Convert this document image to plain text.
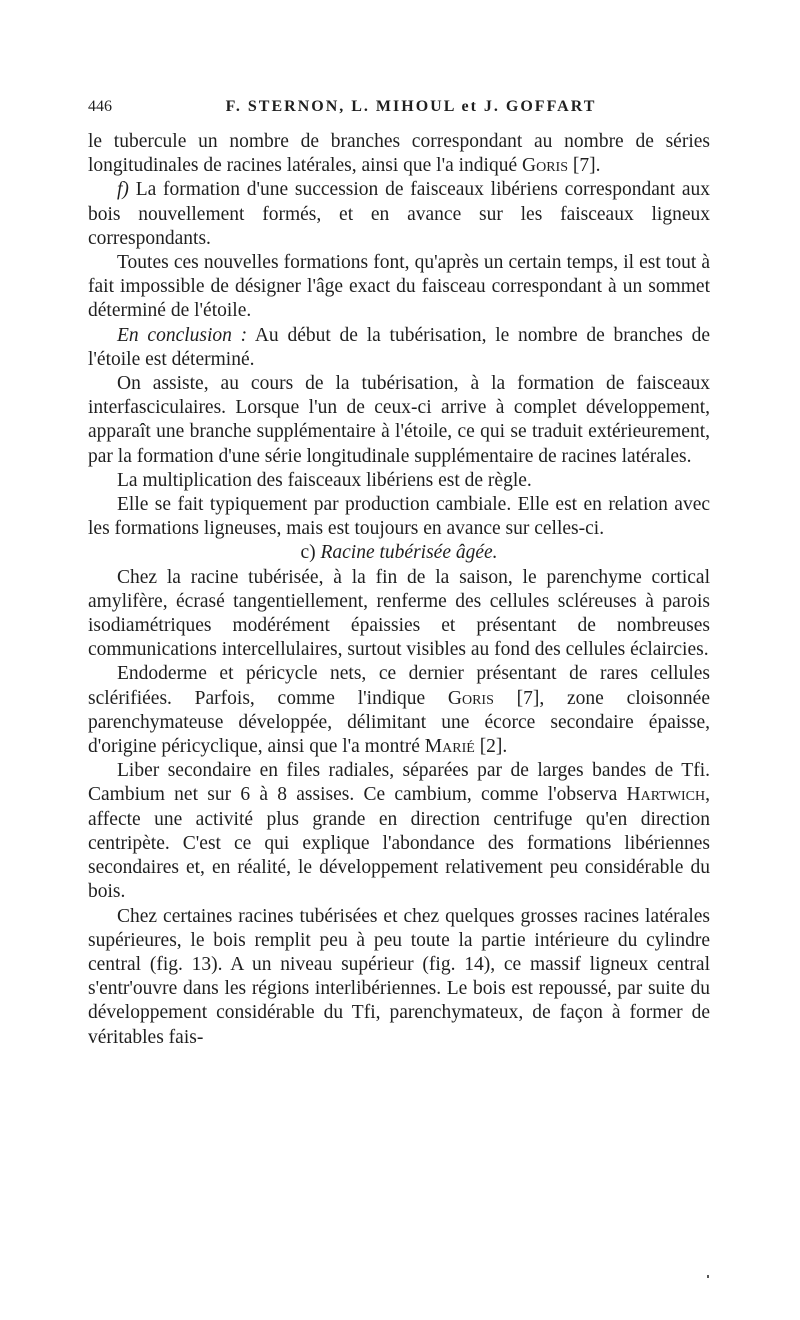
446	F. STERNON, L. MIHOUL et J. GOFFART

le tubercule un nombre de branches correspondant au nombre de séries longitudinales de racines latérales, ainsi que l'a indiqué Goris [7].

f) La formation d'une succession de faisceaux libériens correspondant aux bois nouvellement formés, et en avance sur les faisceaux ligneux correspondants.

Toutes ces nouvelles formations font, qu'après un certain temps, il est tout à fait impossible de désigner l'âge exact du faisceau correspondant à un sommet déterminé de l'étoile.

En conclusion : Au début de la tubérisation, le nombre de branches de l'étoile est déterminé.

On assiste, au cours de la tubérisation, à la formation de faisceaux interfasciculaires. Lorsque l'un de ceux-ci arrive à complet développement, apparaît une branche supplémentaire à l'étoile, ce qui se traduit extérieurement, par la formation d'une série longitudinale supplémentaire de racines latérales.

La multiplication des faisceaux libériens est de règle.

Elle se fait typiquement par production cambiale. Elle est en relation avec les formations ligneuses, mais est toujours en avance sur celles-ci.

c) Racine tubérisée âgée.

Chez la racine tubérisée, à la fin de la saison, le parenchyme cortical amylifère, écrasé tangentiellement, renferme des cellules scléreuses à parois isodiamétriques modérément épaissies et présentant de nombreuses communications intercellulaires, surtout visibles au fond des cellules éclaircies.

Endoderme et péricycle nets, ce dernier présentant de rares cellules sclérifiées. Parfois, comme l'indique Goris [7], zone cloisonnée parenchymateuse développée, délimitant une écorce secondaire épaisse, d'origine péricyclique, ainsi que l'a montré Marié [2].

Liber secondaire en files radiales, séparées par de larges bandes de Tfi. Cambium net sur 6 à 8 assises. Ce cambium, comme l'observa Hartwich, affecte une activité plus grande en direction centrifuge qu'en direction centripète. C'est ce qui explique l'abondance des formations libériennes secondaires et, en réalité, le développement relativement peu considérable du bois.

Chez certaines racines tubérisées et chez quelques grosses racines latérales supérieures, le bois remplit peu à peu toute la partie intérieure du cylindre central (fig. 13). A un niveau supérieur (fig. 14), ce massif ligneux central s'entr'ouvre dans les régions interlibériennes. Le bois est repoussé, par suite du développement considérable du Tfi, parenchymateux, de façon à former de véritables fais-
